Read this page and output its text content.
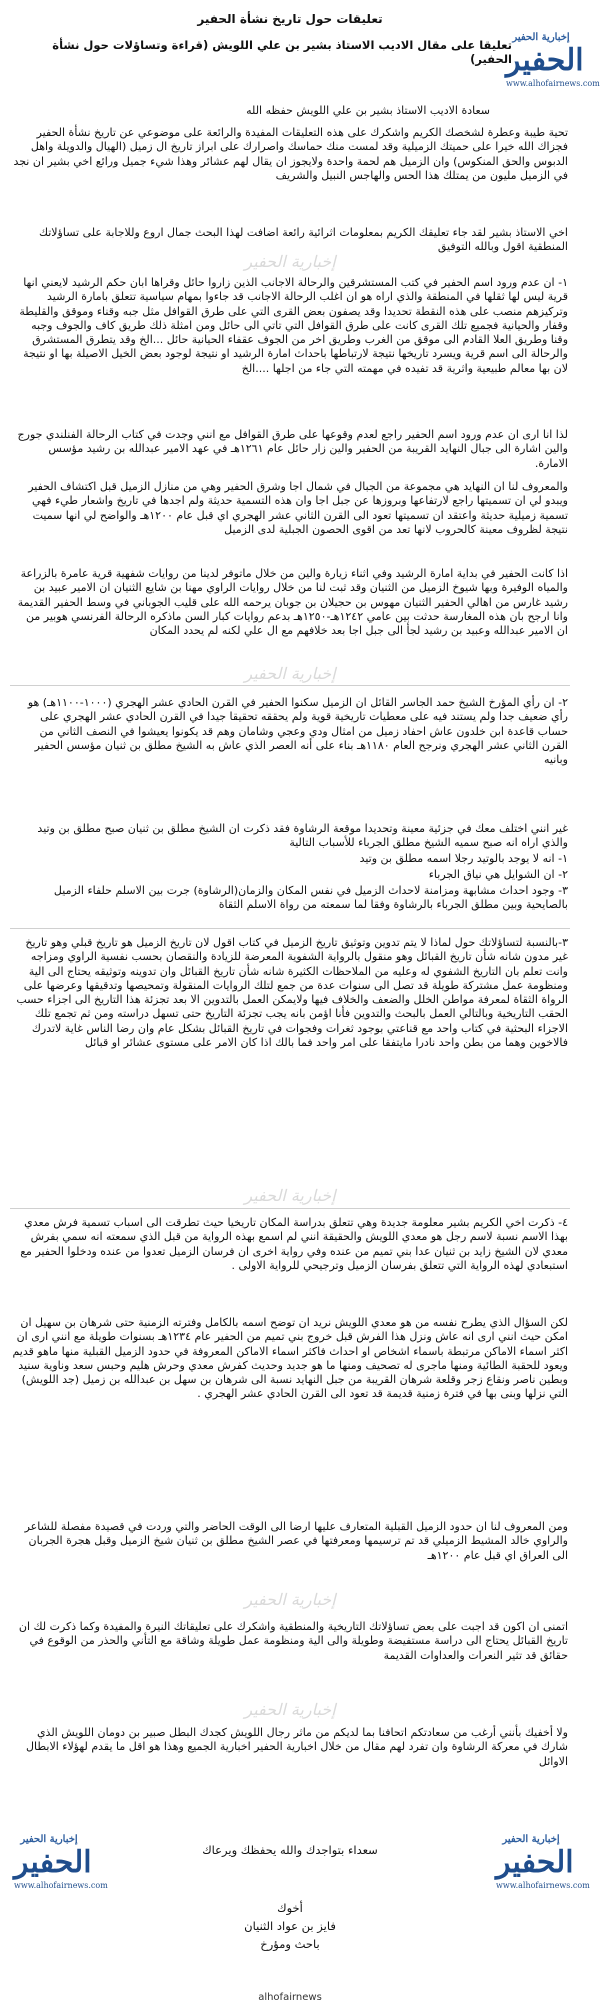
تعليقات حول تاريخ نشأة الحفير
تعليقا على مقال الاديب الاستاذ بشير بن علي اللويش (قراءة وتساؤلات حول نشأة الحفير)
إخبارية الحفير
الحفير
www.alhofairnews.com
سعادة الاديب الاستاذ بشير بن علي اللويش حفظه الله
تحية طيبة وعطرة لشخصك الكريم واشكرك على هذه التعليقات المفيدة والرائعة على موضوعي عن تاريخ نشأة الحفير فجزاك الله خيرا على حميتك الزميلية وقد لمست منك حماسك واصرارك على ابراز تاريخ ال زميل (الهيال والدويلة واهل الدبوس والحق المنكوس) وان الزميل هم لحمة واحدة ولايجوز ان يقال لهم عشائر وهذا شيء جميل ورائع اخي بشير ان نجد في الزميل مليون من يمتلك هذا الحس والهاجس النبيل والشريف
اخي الاستاذ بشير لقد جاء تعليقك الكريم بمعلومات اثرائية رائعة اضافت لهذا البحث جمال اروع وللاجابة على تساؤلاتك المنطقية اقول وبالله التوفيق
إخبارية الحفير
١- ان عدم ورود اسم الحفير في كتب المستشرقين والرحالة الاجانب الذين زاروا حائل وقراها ابان حكم الرشيد لايعني انها قرية ليس لها ثقلها في المنطقة والذي اراه هو ان اغلب الرحالة الاجانب قد جاءوا بمهام سياسية تتعلق بامارة الرشيد وتركيزهم منصب على هذه النقطة تحديدا وقد يصفون بعض القرى التي على طرق القوافل مثل جبه وقناء وموقق والقليطة وقفار والحيانية فجميع تلك القرى كانت على طرق القوافل التي تاتي الى حائل ومن امثلة ذلك طريق كاف والجوف وجبه وقنا وطريق العلا القادم الى موقق من الغرب وطريق اخر من الجوف عقفاء الحيانية حائل ...الخ وقد يتطرق المستشرق والرحالة الى اسم قرية ويسرد تاريخها نتيجة لارتباطها باحداث امارة الرشيد او نتيجة لوجود بعض الخيل الاصيلة بها او نتيجة لان بها معالم طبيعية واثرية قد تفيده في مهمته التي جاء من اجلها ....الخ
لذا انا ارى ان عدم ورود اسم الحفير راجع لعدم وقوعها على طرق القوافل مع انني وجدت في كتاب الرحالة الفنلندي جورج والين اشارة الى جبال النهايد القريبة من الحفير والين زار حائل عام ١٢٦١هـ في عهد الامير عبدالله بن رشيد مؤسس الامارة.
والمعروف لنا ان النهايد هي مجموعة من الجبال في شمال اجا وشرق الحفير وهي من منازل الزميل قبل اكتشاف الحفير ويبدو لي ان تسميتها راجع لارتفاعها وبروزها عن جبل اجا وان هذه التسمية حديثة ولم اجدها في تاريخ واشعار طيء فهي تسمية زميلية حديثة واعتقد ان تسميتها تعود الى القرن الثاني عشر الهجري اي قبل عام ١٢٠٠هـ والواضح لي انها سميت نتيجة لظروف معينة كالحروب لانها تعد من اقوى الحصون الجبلية لدى الزميل
اذا كانت الحفير في بداية امارة الرشيد وفي اثناء زيارة والين من خلال ماتوفر لدينا من روايات شفهية قرية عامرة بالزراعة والمياه الوفيرة وبها شيوخ الزميل من الثنيان وقد ثبت لنا من خلال روايات الراوي مهنا بن شايع الثنيان ان الامير عبيد بن رشيد غارس من اهالي الحفير الثنيان مهوس بن حجيلان بن جوبان يرحمه الله على قليب الجوباني في وسط الحفير القديمة وانا ارجح بان هذه المغارسة حدثت بين عامي ١٢٤٢هـ-١٢٥٠هـ بدعم روايات كبار السن ماذكره الرحالة الفرنسي هوبير من ان الامير عبدالله وعبيد بن رشيد لجأ الى جبل اجا بعد خلافهم مع ال علي لكنه لم يحدد المكان
إخبارية الحفير
٢- ان رأي المؤرخ الشيخ حمد الجاسر القائل ان الزميل سكنوا الحفير في القرن الحادي عشر الهجري (١٠٠٠-١١٠٠هـ) هو رأي ضعيف جدا ولم يستند فيه على معطيات تاريخية قوية ولم يحققه تحقيقا جيدا في القرن الحادي عشر الهجري على حساب قاعدة ابن خلدون عاش احفاد زميل من امثال ودي وعجي وشامان وهم قد يكونوا يعيشوا في النصف الثاني من القرن الثاني عشر الهجري ونرجح العام ١١٨٠هـ بناء على أنه العصر الذي عاش به الشيخ مطلق بن ثنيان مؤسس الحفير وبانيه
غير انني اختلف معك في جزئية معينة وتحديدا موقعة الرشاوة فقد ذكرت ان الشيخ مطلق بن ثنيان صبح مطلق بن وتيد والذي اراه انه صبح سميه الشيخ مطلق الجرباء للأسباب التالية
١- انه لا يوجد بالوتيد رجلا اسمه مطلق بن وتيد
٢- ان الشوايل هي نياق الجرباء
٣- وجود احداث مشابهة ومزامنة لاحداث الزميل في نفس المكان والزمان(الرشاوة) جرت بين الاسلم حلفاء الزميل بالصايحية وبين مطلق الجرباء بالرشاوة وفقا لما سمعته من رواة الاسلم الثقاة
٣-بالنسبة لتساؤلاتك حول لماذا لا يتم تدوين وتوثيق تاريخ الزميل في كتاب اقول لان تاريخ الزميل هو تاريخ قبلي وهو تاريخ غير مدون شانه شأن تاريخ القبائل وهو منقول بالرواية الشفوية المعرضة للزيادة والنقصان بحسب نفسية الراوي ومزاجه وانت تعلم بان التاريخ الشفوي له وعليه من الملاحظات الكثيرة شانه شأن تاريخ القبائل وان تدوينه وتوثيقه يحتاج الى الية ومنظومة عمل مشتركة طويلة قد تصل الى سنوات عدة من جمع لتلك الروايات المنقولة وتمحيصها وتدقيقها وعرضها على الرواة الثقاة لمعرفة مواطن الخلل والضعف والخلاف فيها ولايمكن العمل بالتدوين الا بعد تجزئة هذا التاريخ الى اجزاء حسب الحقب التاريخية وبالتالي العمل بالبحث والتدوين فأنا اؤمن بانه يجب تجزئة التاريخ حتى تسهل دراسته ومن ثم تجمع تلك الاجزاء البحثية في كتاب واحد مع قناعتي بوجود ثغرات وفجوات في تاريخ القبائل بشكل عام وان رضا الناس غاية لاتدرك فالاخوين وهما من بطن واحد نادرا مايتفقا على امر واحد فما بالك اذا كان الامر على مستوى عشائر او قبائل
إخبارية الحفير
٤- ذكرت اخي الكريم بشير معلومة جديدة وهي تتعلق بدراسة المكان تاريخيا حيث تطرقت الى اسباب تسمية فرش معدي بهذا الاسم نسبة لاسم رجل هو معدي اللويش والحقيقة انني لم اسمع بهذه الرواية من قبل الذي سمعته انه سمي بفرش معدي لان الشيخ زايد بن ثنيان عدا بني تميم من عنده وفي رواية اخرى ان فرسان الزميل تعدوا من عنده ودخلوا الحفير مع استبعادي لهذه الرواية التي تتعلق بفرسان الزميل وترجيحي للرواية الاولى .
لكن السؤال الذي يطرح نفسه من هو معدي اللويش نريد ان توضح اسمه بالكامل وفترته الزمنية حتى شرهان بن سهيل ان امكن حيث انني ارى انه عاش ونزل هذا الفرش قبل خروج بني تميم من الحفير عام ١٢٣٤هـ بسنوات طويلة مع انني ارى ان اكثر اسماء الاماكن مرتبطة باسماء اشخاص او احداث فاكثر اسماء الاماكن المعروفة في حدود الزميل القبلية منها ماهو قديم ويعود للحقبة الطائية ومنها ماجرى له تصحيف ومنها ما هو جديد وحديث كفرش معدي وحرش هليم وحبس سعد وناوية سنيد وبطين ناصر ونقاع زجر وقلعة شرهان القريبة من جبل النهايد نسبة الى شرهان بن سهل بن عبدالله بن زميل (جد اللويش) التي نزلها وبنى بها في فترة زمنية قديمة قد تعود الى القرن الحادي عشر الهجري .
ومن المعروف لنا ان حدود الزميل القبلية المتعارف عليها ارضا الى الوقت الحاضر والتي وردت في قصيدة مفصلة للشاعر والراوي خالد المشيط الزميلي قد تم ترسيمها ومعرفتها في عصر الشيخ مطلق بن ثنيان شيخ الزميل وقبل هجرة الجربان الى العراق اي قبل عام ١٢٠٠هـ
إخبارية الحفير
اتمنى ان اكون قد اجبت على بعض تساؤلاتك التاريخية والمنطقية واشكرك على تعليقاتك النيرة والمفيدة وكما ذكرت لك ان تاريخ القبائل يحتاج الى دراسة مستفيضة وطويلة والى الية ومنظومة عمل طويلة وشاقة مع التأني والحذر من الوقوع في حقائق قد تثير النعرات والعداوات القديمة
إخبارية الحفير
ولا أخفيك بأنني أرغب من سعادتكم اتحافنا بما لديكم من ماثر رجال اللويش كجدك البطل صبير بن دومان اللويش الذي شارك في معركة الرشاوة وان تفرد لهم مقال من خلال اخبارية الحفير اخبارية الجميع وهذا هو اقل ما يقدم لهؤلاء الابطال الاوائل
إخبارية الحفير
الحفير
www.alhofairnews.com
إخبارية الحفير
الحفير
www.alhofairnews.com
سعداء بتواجدك والله يحفظك ويرعاك
أخوك
فايز بن عواد الثنيان
باحث ومؤرخ
alhofairnews
